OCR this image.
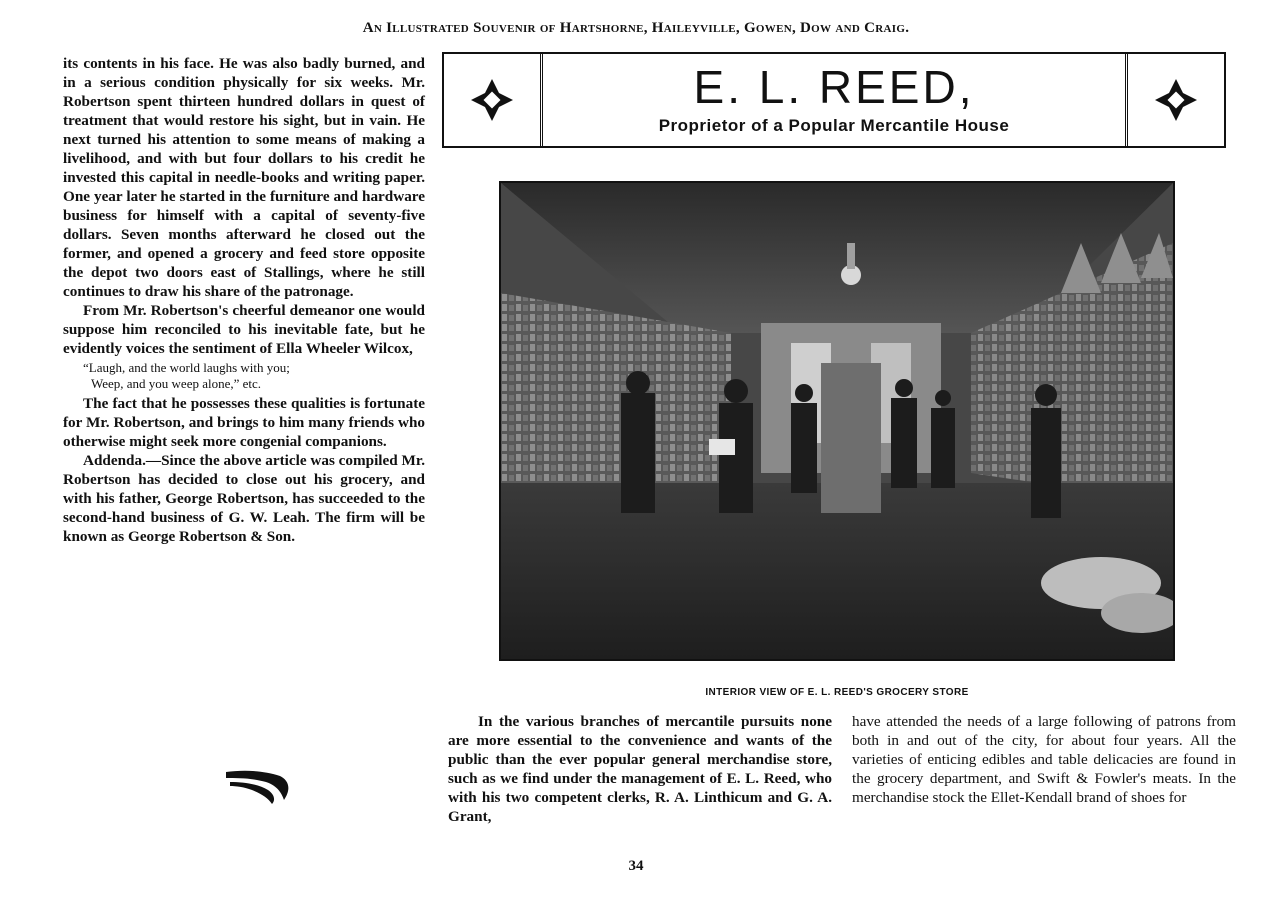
An Illustrated Souvenir of Hartshorne, Haileyville, Gowen, Dow and Craig.

its contents in his face. He was also badly burned, and in a serious condition physically for six weeks. Mr. Robertson spent thirteen hundred dollars in quest of treatment that would restore his sight, but in vain. He next turned his attention to some means of making a livelihood, and with but four dollars to his credit he invested this capital in needle-books and writing paper. One year later he started in the furniture and hardware business for himself with a capital of seventy-five dollars. Seven months afterward he closed out the former, and opened a grocery and feed store opposite the depot two doors east of Stallings, where he still continues to draw his share of the patronage.

From Mr. Robertson's cheerful demeanor one would suppose him reconciled to his inevitable fate, but he evidently voices the sentiment of Ella Wheeler Wilcox,

“Laugh, and the world laughs with you;
Weep, and you weep alone,” etc.

The fact that he possesses these qualities is fortunate for Mr. Robertson, and brings to him many friends who otherwise might seek more congenial companions.

Addenda.—Since the above article was compiled Mr. Robertson has decided to close out his grocery, and with his father, George Robertson, has succeeded to the second-hand business of G. W. Leah. The firm will be known as George Robertson & Son.

E. L. REED,
Proprietor of a Popular Mercantile House
INTERIOR VIEW OF E. L. REED'S GROCERY STORE

In the various branches of mercantile pursuits none are more essential to the convenience and wants of the public than the ever popular general merchandise store, such as we find under the management of E. L. Reed, who with his two competent clerks, R. A. Linthicum and G. A. Grant,

have attended the needs of a large following of patrons from both in and out of the city, for about four years. All the varieties of enticing edibles and table delicacies are found in the grocery department, and Swift & Fowler's meats. In the merchandise stock the Ellet-Kendall brand of shoes for

34
